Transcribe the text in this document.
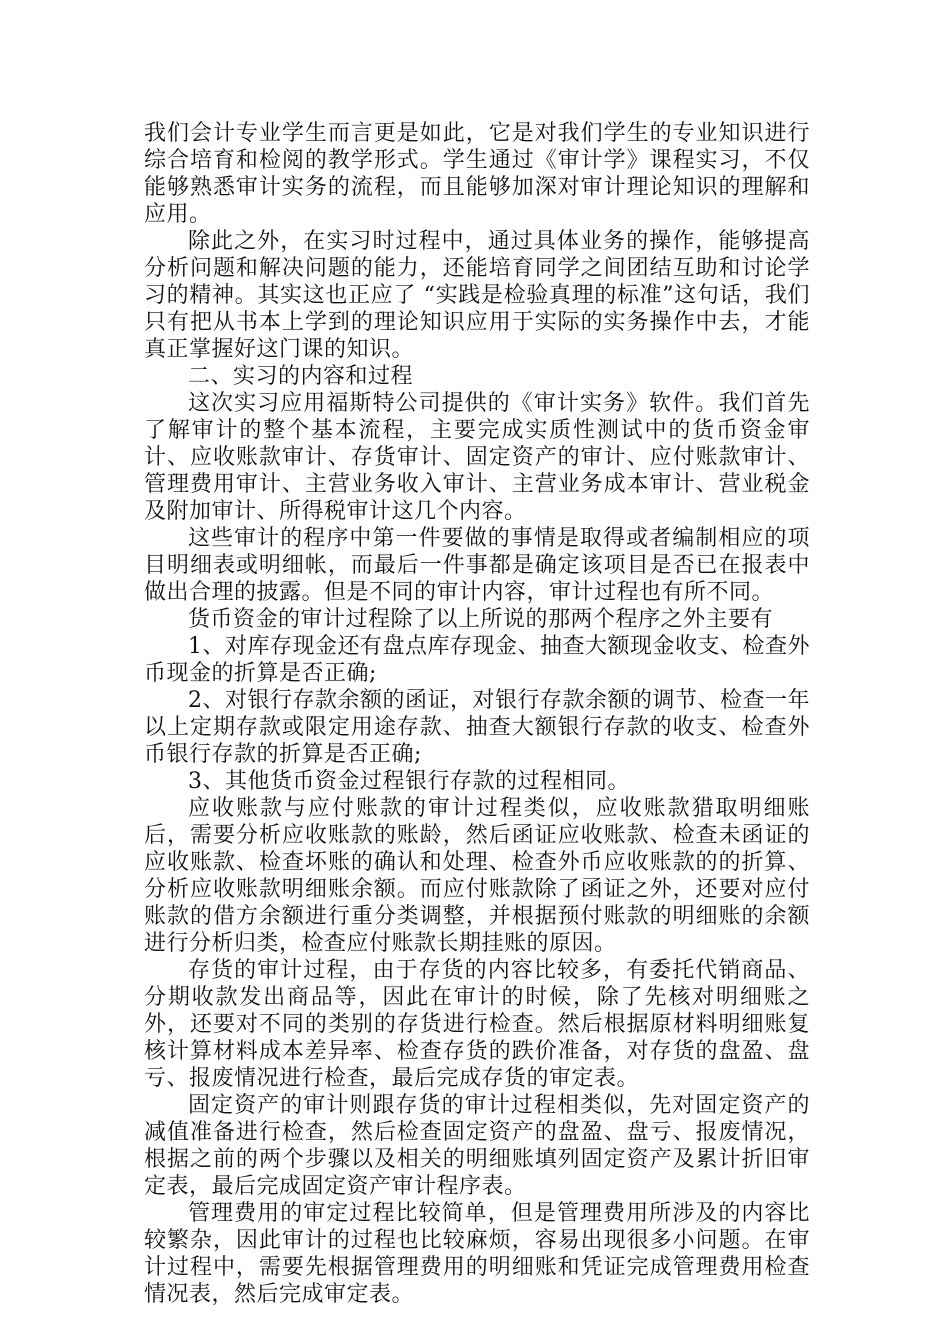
我们会计专业学生而言更是如此，它是对我们学生的专业知识进行综合培育和检阅的教学形式。学生通过《审计学》课程实习，不仅能够熟悉审计实务的流程，而且能够加深对审计理论知识的理解和应用。

除此之外，在实习时过程中，通过具体业务的操作，能够提高分析问题和解决问题的能力，还能培育同学之间团结互助和讨论学习的精神。其实这也正应了 “实践是检验真理的标准”这句话，我们只有把从书本上学到的理论知识应用于实际的实务操作中去，才能真正掌握好这门课的知识。

二、实习的内容和过程

这次实习应用福斯特公司提供的《审计实务》软件。我们首先了解审计的整个基本流程，主要完成实质性测试中的货币资金审计、应收账款审计、存货审计、固定资产的审计、应付账款审计、管理费用审计、主营业务收入审计、主营业务成本审计、营业税金及附加审计、所得税审计这几个内容。

这些审计的程序中第一件要做的事情是取得或者编制相应的项目明细表或明细帐，而最后一件事都是确定该项目是否已在报表中做出合理的披露。但是不同的审计内容，审计过程也有所不同。

货币资金的审计过程除了以上所说的那两个程序之外主要有

1、对库存现金还有盘点库存现金、抽查大额现金收支、检查外币现金的折算是否正确;

2、对银行存款余额的函证，对银行存款余额的调节、检查一年以上定期存款或限定用途存款、抽查大额银行存款的收支、检查外币银行存款的折算是否正确;

3、其他货币资金过程银行存款的过程相同。

应收账款与应付账款的审计过程类似，应收账款猎取明细账后，需要分析应收账款的账龄，然后函证应收账款、检查未函证的应收账款、检查坏账的确认和处理、检查外币应收账款的的折算、分析应收账款明细账余额。而应付账款除了函证之外，还要对应付账款的借方余额进行重分类调整，并根据预付账款的明细账的余额进行分析归类，检查应付账款长期挂账的原因。

存货的审计过程，由于存货的内容比较多，有委托代销商品、分期收款发出商品等，因此在审计的时候，除了先核对明细账之外，还要对不同的类别的存货进行检查。然后根据原材料明细账复核计算材料成本差异率、检查存货的跌价准备，对存货的盘盈、盘亏、报废情况进行检查，最后完成存货的审定表。

固定资产的审计则跟存货的审计过程相类似，先对固定资产的减值准备进行检查，然后检查固定资产的盘盈、盘亏、报废情况，根据之前的两个步骤以及相关的明细账填列固定资产及累计折旧审定表，最后完成固定资产审计程序表。

管理费用的审定过程比较简单，但是管理费用所涉及的内容比较繁杂，因此审计的过程也比较麻烦，容易出现很多小问题。在审计过程中，需要先根据管理费用的明细账和凭证完成管理费用检查情况表，然后完成审定表。
